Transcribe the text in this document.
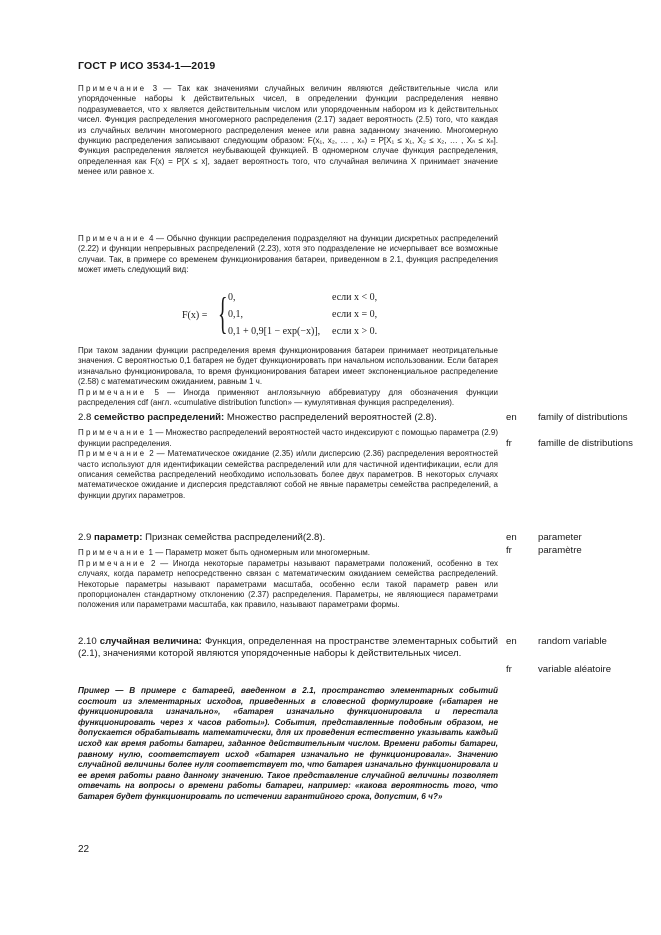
ГОСТ Р ИСО 3534-1—2019

Примечание 3 — Так как значениями случайных величин являются действительные числа или упорядоченные наборы k действительных чисел, в определении функции распределения неявно подразумевается, что x является действительным числом или упорядоченным набором из k действительных чисел. Функция распределения многомерного распределения (2.17) задает вероятность (2.5) того, что каждая из случайных величин многомерного распределения менее или равна заданному значению. Многомерную функцию распределения записывают следующим образом: F(x₁, x₂, … , xₙ) = P[X₁ ≤ x₁, X₂ ≤ x₂, … , Xₙ ≤ xₙ]. Функция распределения является неубывающей функцией. В одномерном случае функция распределения, определенная как F(x) = P[X ≤ x], задает вероятность того, что случайная величина X принимает значение менее или равное x.

Примечание 4 — Обычно функции распределения подразделяют на функции дискретных распределений (2.22) и функции непрерывных распределений (2.23), хотя это подразделение не исчерпывает все возможные случаи. Так, в примере со временем функционирования батареи, приведенном в 2.1, функция распределения может иметь следующий вид:

F(x) = { 0,	если x < 0,
0,1,	если x = 0,
0,1 + 0,9[1 − exp(−x)], если x > 0.

При таком задании функции распределения время функционирования батареи принимает неотрицательные значения. С вероятностью 0,1 батарея не будет функционировать при начальном использовании. Если батарея изначально функционировала, то время функционирования батареи имеет экспоненциальное распределение (2.58) с математическим ожиданием, равным 1 ч.

Примечание 5 — Иногда применяют англоязычную аббревиатуру для обозначения функции распределения cdf (англ. «cumulative distribution function» — кумулятивная функция распределения).

2.8 семейство распределений: Множество распределений вероятностей (2.8).

Примечание 1 — Множество распределений вероятностей часто индексируют с помощью параметра (2.9) функции распределения.

Примечание 2 — Математическое ожидание (2.35) и/или дисперсию (2.36) распределения вероятностей часто используют для идентификации семейства распределений или для частичной идентификации, если для описания семейства распределений необходимо использовать более двух параметров. В некоторых случаях математическое ожидание и дисперсия представляют собой не явные параметры семейства распределений, а функции других параметров.

en family of distributions
fr	famille de distributions

2.9 параметр: Признак семейства распределений(2.8).

Примечание 1 — Параметр может быть одномерным или многомерным.

Примечание 2 — Иногда некоторые параметры называют параметрами положений, особенно в тех случаях, когда параметр непосредственно связан с математическим ожиданием семейства распределений. Некоторые параметры называют параметрами масштаба, особенно если такой параметр равен или пропорционален стандартному отклонению (2.37) распределения. Параметры, не являющиеся параметрами положения или параметрами масштаба, как правило, называют параметрами формы.

en parameter
fr	paramètre

2.10 случайная величина: Функция, определенная на пространстве элементарных событий (2.1), значениями которой являются упорядоченные наборы k действительных чисел.

en random variable
fr	variable aléatoire

Пример — В примере с батареей, введенном в 2.1, пространство элементарных событий состоит из элементарных исходов, приведенных в словесной формулировке («батарея не функционировала изначально», «батарея изначально функционировала и перестала функционировать через x часов работы»). События, представленные подобным образом, не допускается обрабатывать математически, для их проведения естественно указывать каждый исход как время работы батареи, заданное действительным числом. Времени работы батареи, равному нулю, соответствует исход «батарея изначально не функционировала». Значению случайной величины более нуля соответствует то, что батарея изначально функционировала и ее время работы равно данному значению. Такое представление случайной величины позволяет отвечать на вопросы о времени работы батареи, например: «какова вероятность того, что батарея будет функционировать по истечении гарантийного срока, допустим, 6 ч?»

22
